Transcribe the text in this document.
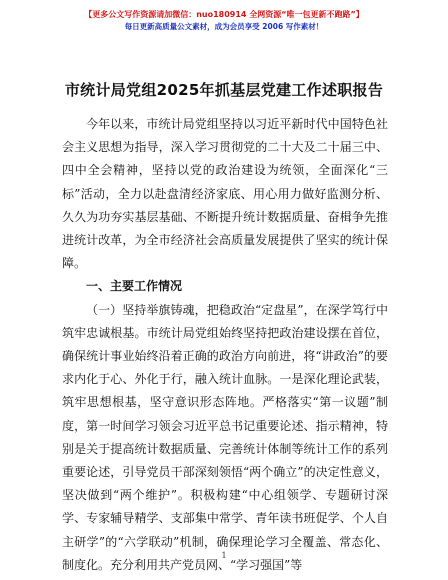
【更多公文写作资源请加微信：nuo180914 全网资源“唯一包更新不跑路”】
每日更新高质量公文素材，成为会员享受 2006 写作素材！
市统计局党组2025年抓基层党建工作述职报告

今年以来，市统计局党组坚持以习近平新时代中国特色社会主义思想为指导，深入学习贯彻党的二十大及二十届三中、四中全会精神，坚持以党的政治建设为统领，全面深化“三标”活动，全力以赴盘清经济家底、用心用力做好监测分析、久久为功夯实基层基础、不断提升统计数据质量、奋楫争先推进统计改革，为全市经济社会高质量发展提供了坚实的统计保障。

一、主要工作情况

（一）坚持举旗铸魂，把稳政治“定盘星”，在深学笃行中筑牢忠诚根基。市统计局党组始终坚持把政治建设摆在首位，确保统计事业始终沿着正确的政治方向前进，将“讲政治”的要求内化于心、外化于行，融入统计血脉。一是深化理论武装，筑牢思想根基，坚守意识形态阵地。严格落实“第一议题”制度，第一时间学习领会习近平总书记重要论述、指示精神，特别是关于提高统计数据质量、完善统计体制等统计工作的系列重要论述，引导党员干部深刻领悟“两个确立”的决定性意义，坚决做到“两个维护”。积极构建“中心组领学、专题研讨深学、专家辅导精学、支部集中常学、青年读书班促学、个人自主研学”的“六学联动”机制，确保理论学习全覆盖、常态化、制度化。充分利用共产党员网、“学习强国”等

1
